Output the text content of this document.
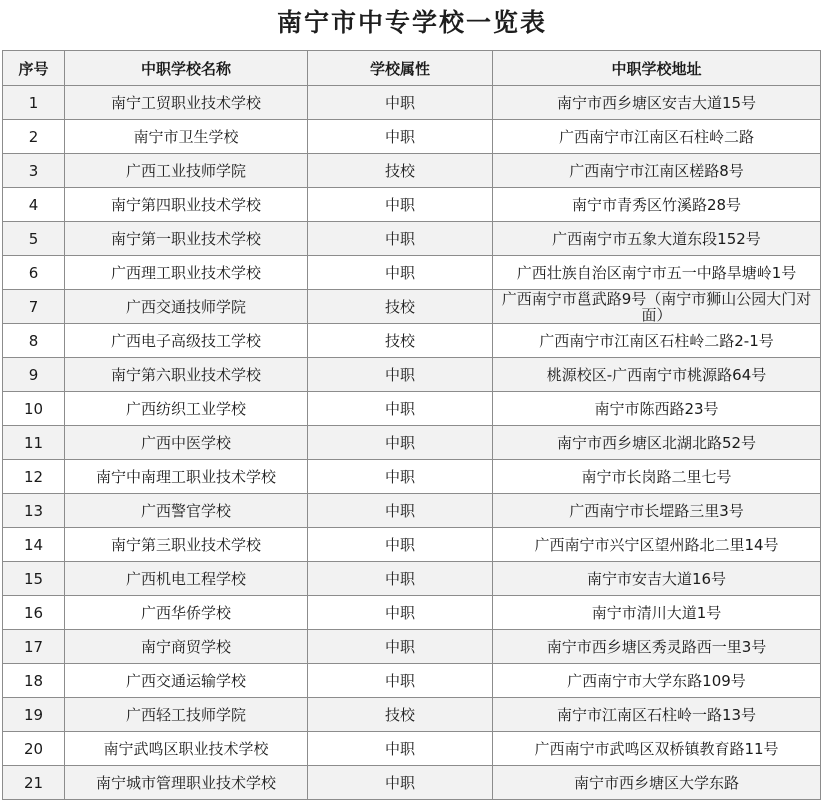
南宁市中专学校一览表
序号	中职学校名称	学校属性	中职学校地址
1	南宁工贸职业技术学校	中职	南宁市西乡塘区安吉大道15号
2	南宁市卫生学校	中职	广西南宁市江南区石柱岭二路
3	广西工业技师学院	技校	广西南宁市江南区槎路8号
4	南宁第四职业技术学校	中职	南宁市青秀区竹溪路28号
5	南宁第一职业技术学校	中职	广西南宁市五象大道东段152号
6	广西理工职业技术学校	中职	广西壮族自治区南宁市五一中路旱塘岭1号
7	广西交通技师学院	技校	广西南宁市邕武路9号（南宁市狮山公园大门对面）
8	广西电子高级技工学校	技校	广西南宁市江南区石柱岭二路2-1号
9	南宁第六职业技术学校	中职	桃源校区-广西南宁市桃源路64号
10	广西纺织工业学校	中职	南宁市陈西路23号
11	广西中医学校	中职	南宁市西乡塘区北湖北路52号
12	南宁中南理工职业技术学校	中职	南宁市长岗路二里七号
13	广西警官学校	中职	广西南宁市长堽路三里3号
14	南宁第三职业技术学校	中职	广西南宁市兴宁区望州路北二里14号
15	广西机电工程学校	中职	南宁市安吉大道16号
16	广西华侨学校	中职	南宁市清川大道1号
17	南宁商贸学校	中职	南宁市西乡塘区秀灵路西一里3号
18	广西交通运输学校	中职	广西南宁市大学东路109号
19	广西轻工技师学院	技校	南宁市江南区石柱岭一路13号
20	南宁武鸣区职业技术学校	中职	广西南宁市武鸣区双桥镇教育路11号
21	南宁城市管理职业技术学校	中职	南宁市西乡塘区大学东路
